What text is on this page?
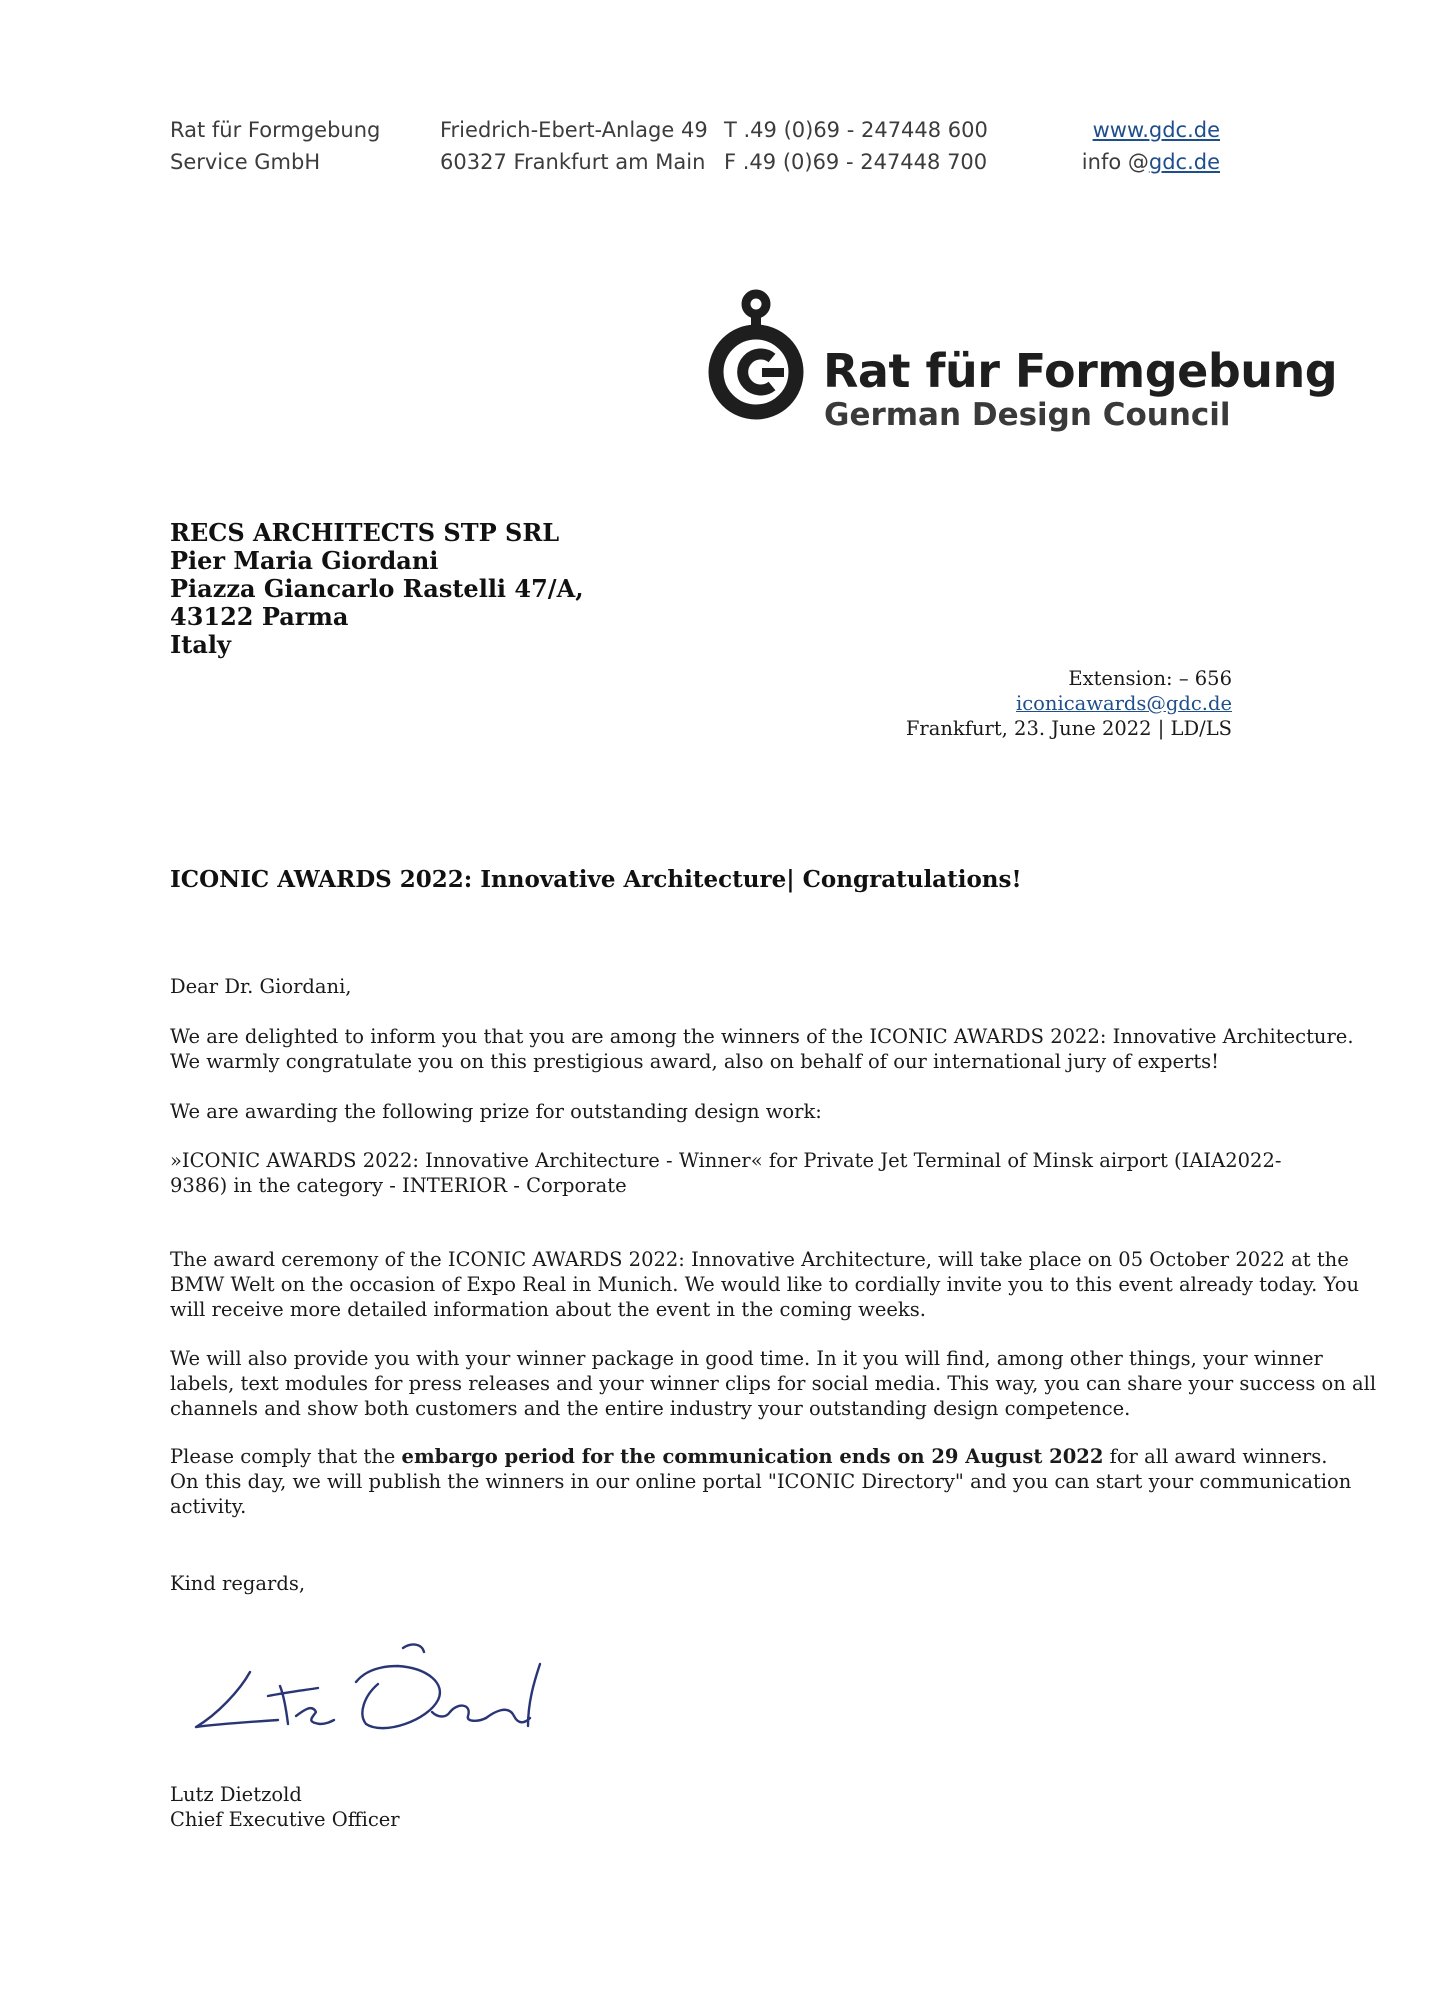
Rat für Formgebung
Service GmbH
Friedrich-Ebert-Anlage 49
60327 Frankfurt am Main
T .49 (0)69 - 247448 600
F .49 (0)69 - 247448 700
www.gdc.de
info @gdc.de
Rat für Formgebung
German Design Council
RECS ARCHITECTS STP SRL
Pier Maria Giordani
Piazza Giancarlo Rastelli 47/A,
43122 Parma
Italy
Extension: – 656
iconicawards@gdc.de
Frankfurt, 23. June 2022 | LD/LS
ICONIC AWARDS 2022: Innovative Architecture| Congratulations!
Dear Dr. Giordani,
We are delighted to inform you that you are among the winners of the ICONIC AWARDS 2022: Innovative Architecture.
We warmly congratulate you on this prestigious award, also on behalf of our international jury of experts!
We are awarding the following prize for outstanding design work:
»ICONIC AWARDS 2022: Innovative Architecture - Winner« for Private Jet Terminal of Minsk airport (IAIA2022-
9386) in the category - INTERIOR - Corporate
The award ceremony of the ICONIC AWARDS 2022: Innovative Architecture, will take place on 05 October 2022 at the
BMW Welt on the occasion of Expo Real in Munich. We would like to cordially invite you to this event already today. You
will receive more detailed information about the event in the coming weeks.
We will also provide you with your winner package in good time. In it you will find, among other things, your winner
labels, text modules for press releases and your winner clips for social media. This way, you can share your success on all
channels and show both customers and the entire industry your outstanding design competence.
Please comply that the embargo period for the communication ends on 29 August 2022 for all award winners.
On this day, we will publish the winners in our online portal "ICONIC Directory" and you can start your communication
activity.
Kind regards,
Lutz Dietzold
Chief Executive Officer
